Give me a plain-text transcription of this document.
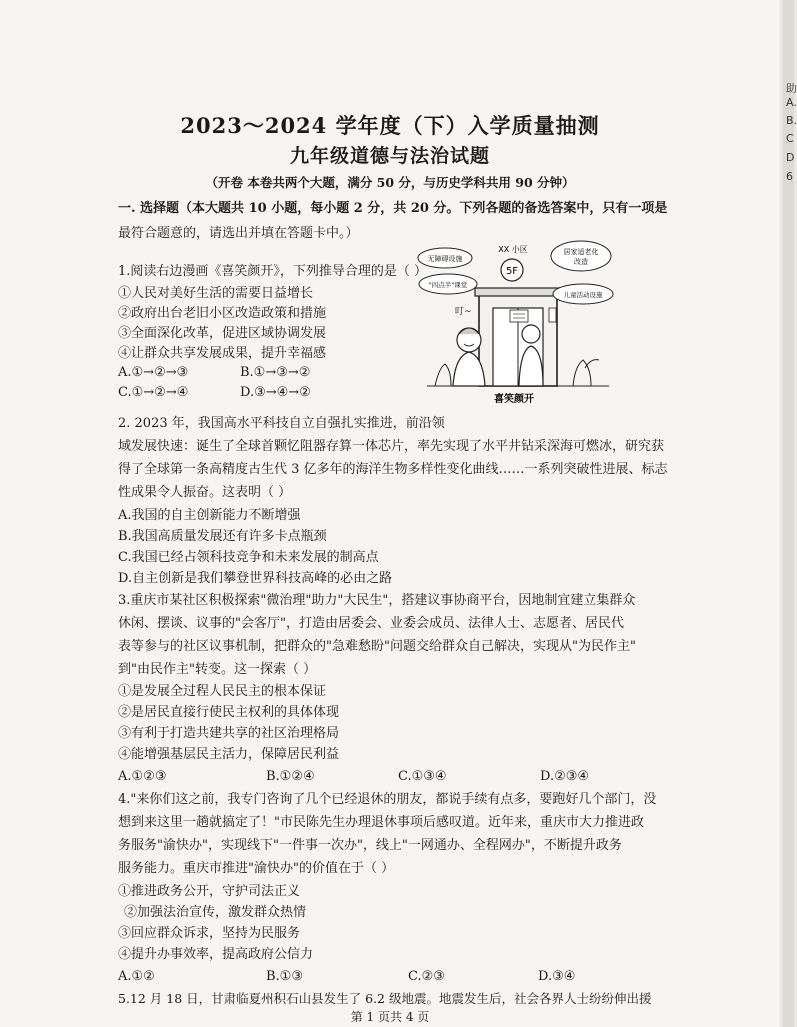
2023～2024 学年度（下）入学质量抽测
九年级道德与法治试题
（开卷 本卷共两个大题，满分 50 分，与历史学科共用 90 分钟）
一. 选择题（本大题共 10 小题，每小题 2 分，共 20 分。下列各题的备选答案中，只有一项是
最符合题意的，请选出并填在答题卡中。）
1.阅读右边漫画《喜笑颜开》，下列推导合理的是（ ）
①人民对美好生活的需要日益增长
②政府出台老旧小区改造政策和措施
③全面深化改革，促进区域协调发展
④让群众共享发展成果，提升幸福感
A.①→②→③	B.①→③→②
C.①→②→④	D.③→④→②
5F
XX 小区
无障碍设施
"四点半"课堂
居家适老化
改造
儿童活动设施
叮~
喜笑颜开
2. 2023 年，我国高水平科技自立自强扎实推进，前沿领
域发展快速：诞生了全球首颗忆阻器存算一体芯片，率先实现了水平井钻采深海可燃冰，研究获
得了全球第一条高精度古生代 3 亿多年的海洋生物多样性变化曲线……一系列突破性进展、标志
性成果令人振奋。这表明（ ）
A.我国的自主创新能力不断增强
B.我国高质量发展还有许多卡点瓶颈
C.我国已经占领科技竞争和未来发展的制高点
D.自主创新是我们攀登世界科技高峰的必由之路
3.重庆市某社区积极探索"微治理"助力"大民生"，搭建议事协商平台，因地制宜建立集群众
休闲、摆谈、议事的"会客厅"，打造由居委会、业委会成员、法律人士、志愿者、居民代
表等参与的社区议事机制，把群众的"急难愁盼"问题交给群众自己解决，实现从"为民作主"
到"由民作主"转变。这一探索（ ）
①是发展全过程人民民主的根本保证
②是居民直接行使民主权利的具体体现
③有利于打造共建共享的社区治理格局
④能增强基层民主活力，保障居民利益
A.①②③	B.①②④	C.①③④	D.②③④
4."来你们这之前，我专门咨询了几个已经退休的朋友，都说手续有点多，要跑好几个部门，没
想到来这里一趟就搞定了！"市民陈先生办理退休事项后感叹道。近年来，重庆市大力推进政
务服务"渝快办"，实现线下"一件事一次办"，线上"一网通办、全程网办"，不断提升政务
服务能力。重庆市推进"渝快办"的价值在于（ ）
①推进政务公开，守护司法正义
②加强法治宣传，激发群众热情
③回应群众诉求，坚持为民服务
④提升办事效率，提高政府公信力
A.①②	B.①③	C.②③	D.③④
5.12 月 18 日，甘肃临夏州积石山县发生了 6.2 级地震。地震发生后，社会各界人士纷纷伸出援
第 1 页共 4 页
助
A.
B.
C
D
6
